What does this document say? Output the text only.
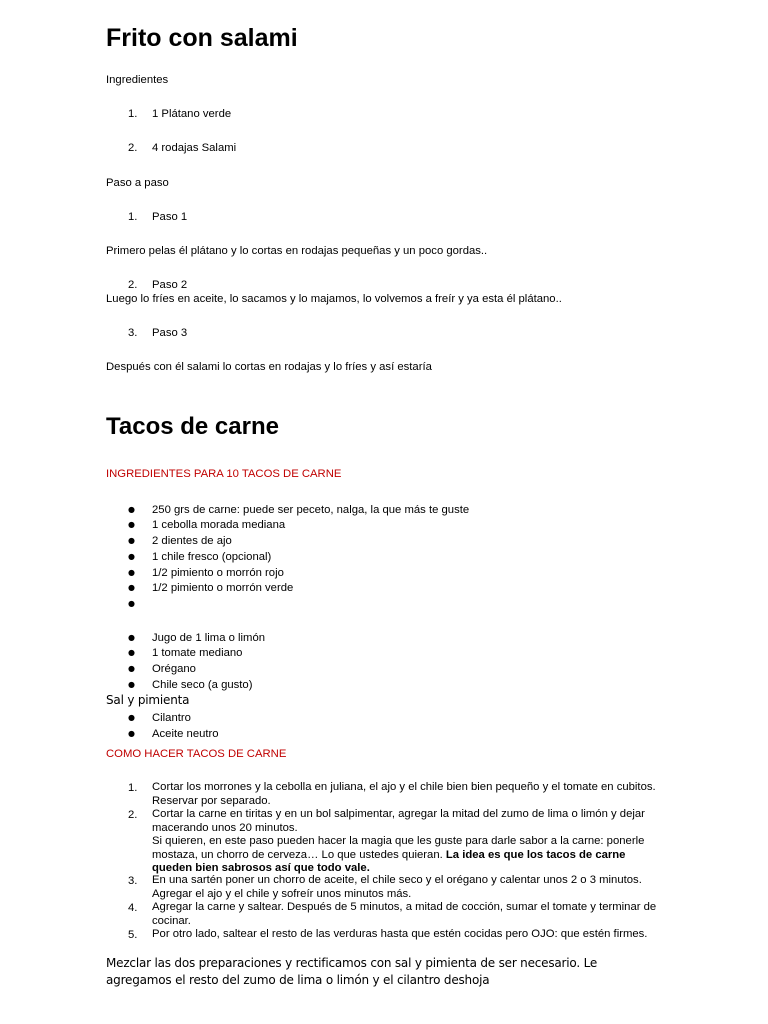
Frito con salami
Ingredientes
1. 1 Plátano verde
2. 4 rodajas Salami
Paso a paso
1. Paso 1
Primero pelas él plátano y lo cortas en rodajas pequeñas y un poco gordas..
2. Paso 2
Luego lo fríes en aceite, lo sacamos y lo majamos, lo volvemos a freír y ya esta él plátano..
3. Paso 3
Después con él salami lo cortas en rodajas y lo fríes y así estaría
Tacos de carne
INGREDIENTES PARA 10 TACOS DE CARNE
● 250 grs de carne: puede ser peceto, nalga, la que más te guste
● 1 cebolla morada mediana
● 2 dientes de ajo
● 1 chile fresco (opcional)
● 1/2 pimiento o morrón rojo
● 1/2 pimiento o morrón verde
●
● Jugo de 1 lima o limón
● 1 tomate mediano
● Orégano
● Chile seco (a gusto)
Sal y pimienta
● Cilantro
● Aceite neutro
COMO HACER TACOS DE CARNE
1. Cortar los morrones y la cebolla en juliana, el ajo y el chile bien bien pequeño y el tomate en cubitos. Reservar por separado.
2. Cortar la carne en tiritas y en un bol salpimentar, agregar la mitad del zumo de lima o limón y dejar macerando unos 20 minutos.
Si quieren, en este paso pueden hacer la magia que les guste para darle sabor a la carne: ponerle mostaza, un chorro de cerveza… Lo que ustedes quieran. La idea es que los tacos de carne queden bien sabrosos así que todo vale.
3. En una sartén poner un chorro de aceite, el chile seco y el orégano y calentar unos 2 o 3 minutos. Agregar el ajo y el chile y sofreír unos minutos más.
4. Agregar la carne y saltear. Después de 5 minutos, a mitad de cocción, sumar el tomate y terminar de cocinar.
5. Por otro lado, saltear el resto de las verduras hasta que estén cocidas pero OJO: que estén firmes.
Mezclar las dos preparaciones y rectificamos con sal y pimienta de ser necesario. Le agregamos el resto del zumo de lima o limón y el cilantro deshoja
